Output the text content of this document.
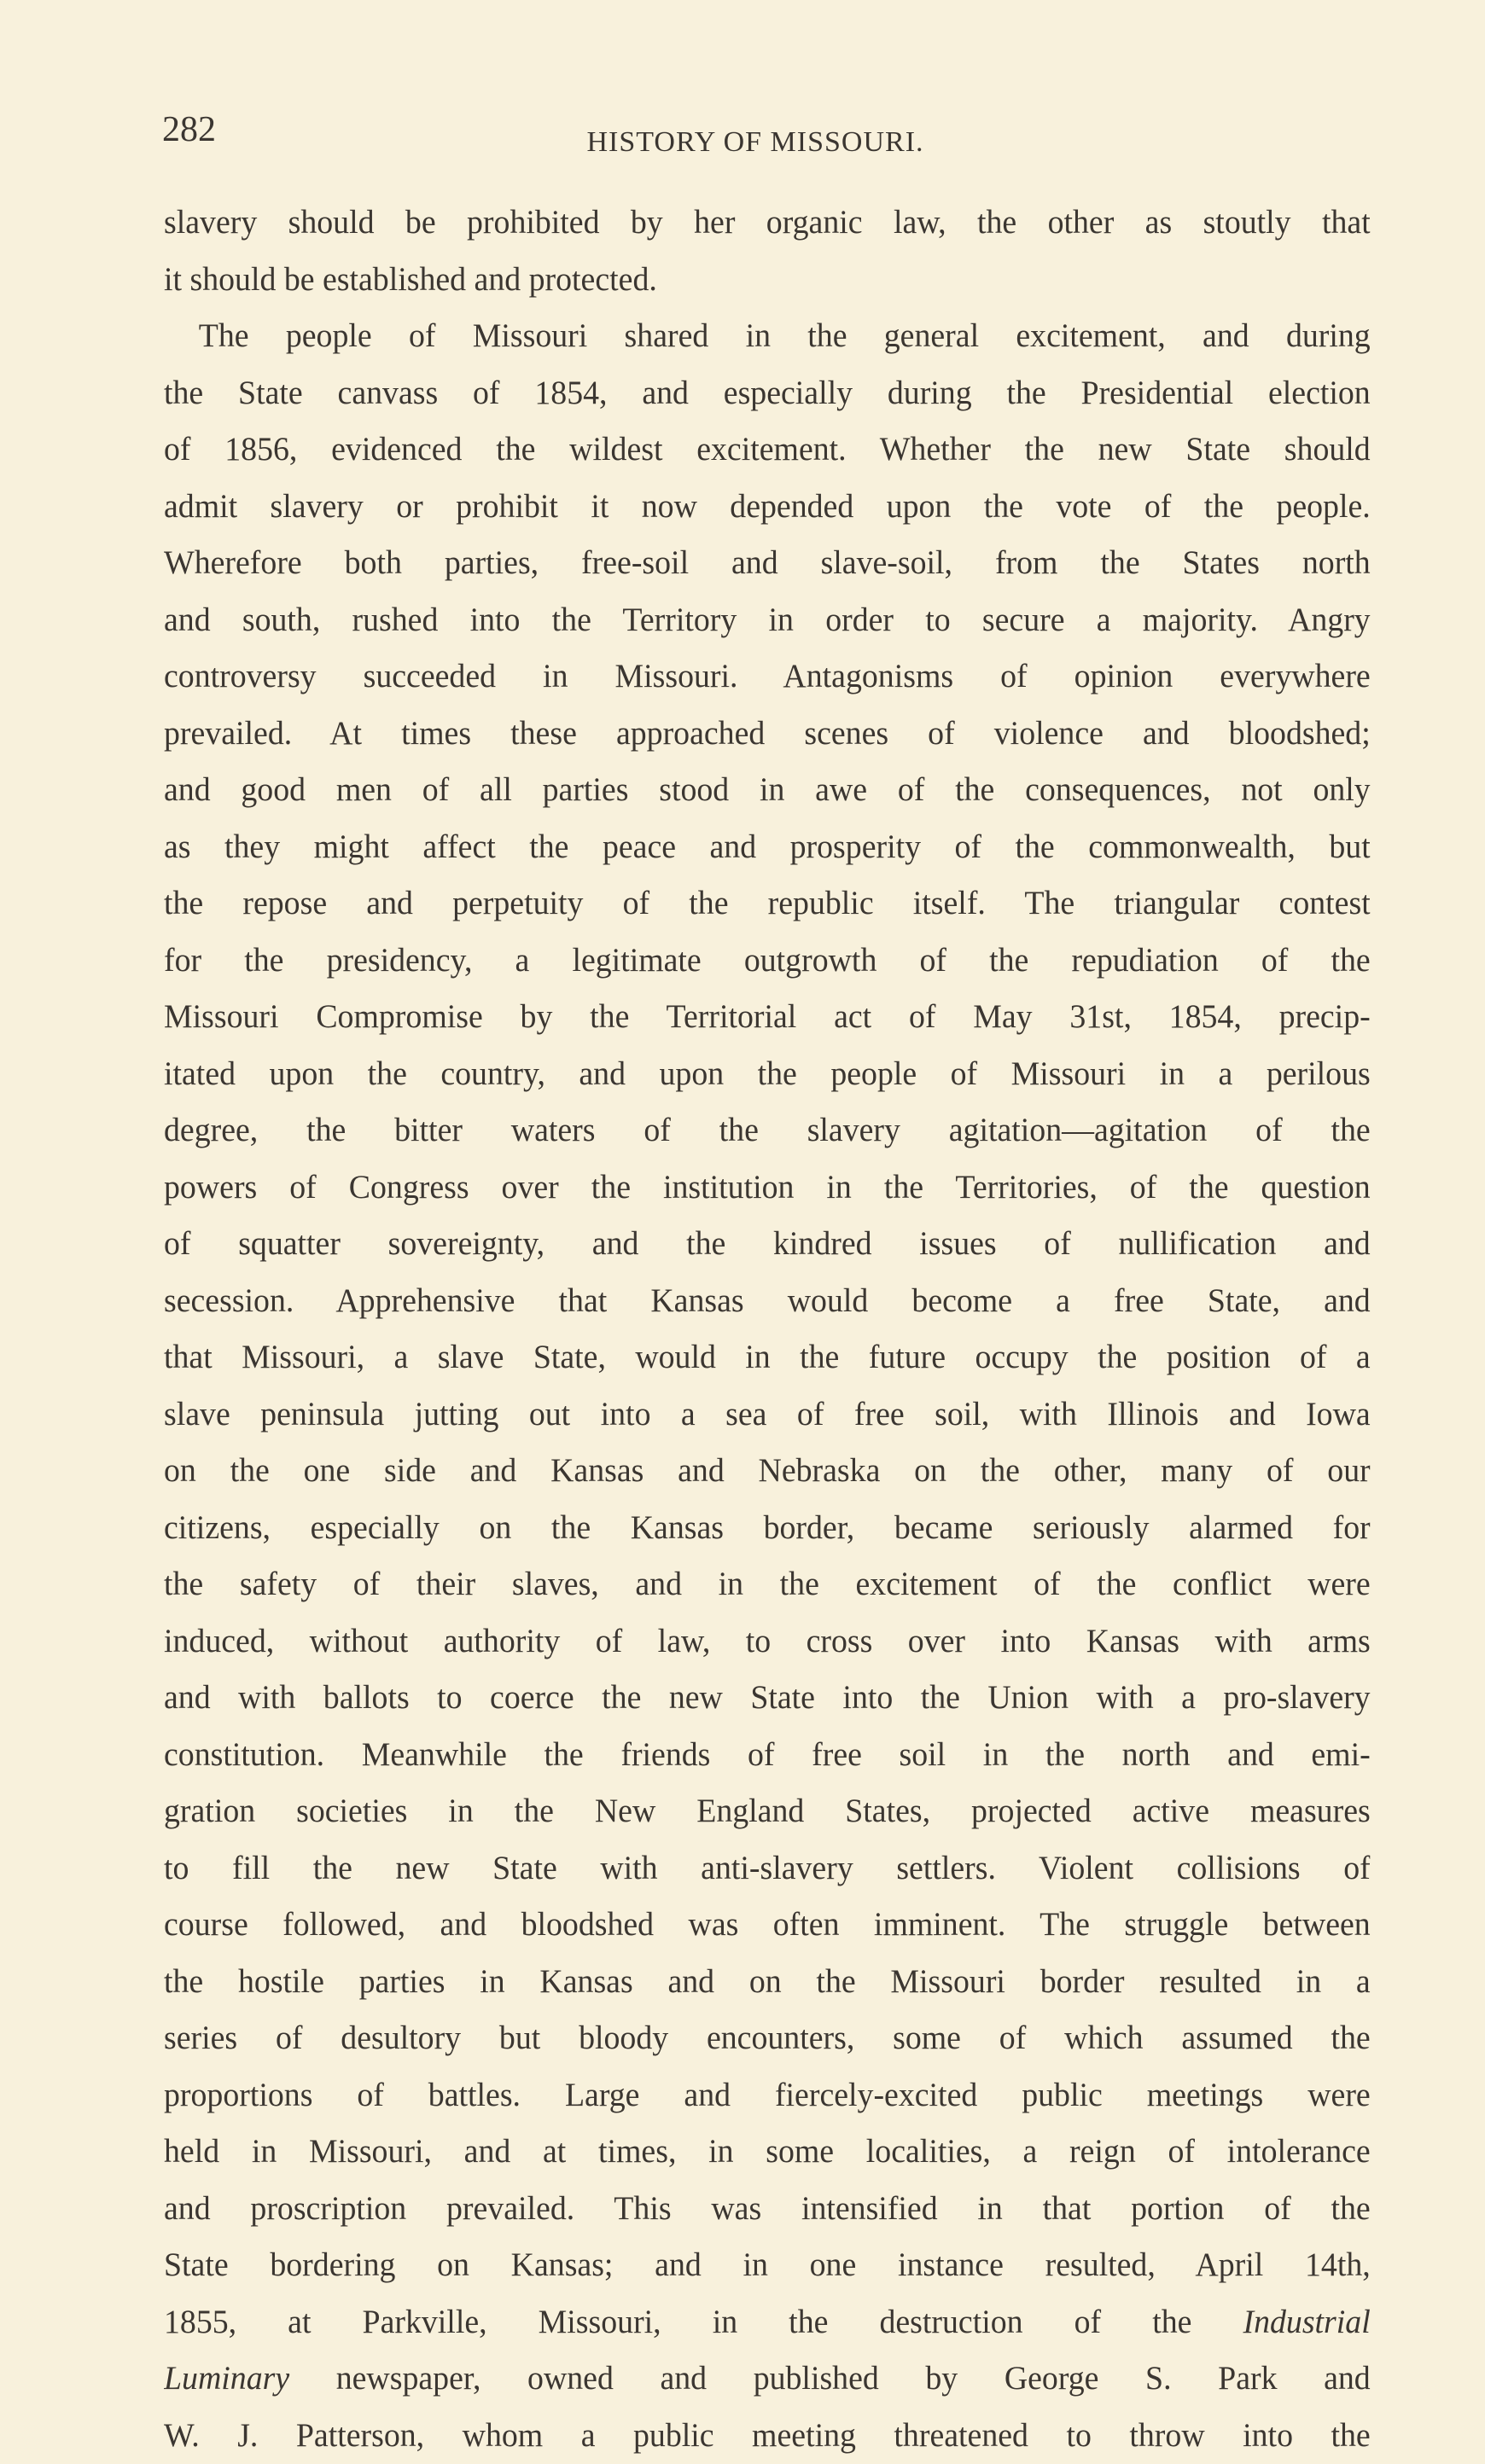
282	HISTORY OF MISSOURI.
slavery should be prohibited by her organic law, the other as stoutly that
it should be established and protected.
The people of Missouri shared in the general excitement, and during
the State canvass of 1854, and especially during the Presidential election
of 1856, evidenced the wildest excitement. Whether the new State should
admit slavery or prohibit it now depended upon the vote of the people.
Wherefore both parties, free-soil and slave-soil, from the States north
and south, rushed into the Territory in order to secure a majority. Angry
controversy succeeded in Missouri. Antagonisms of opinion everywhere
prevailed. At times these approached scenes of violence and bloodshed;
and good men of all parties stood in awe of the consequences, not only
as they might affect the peace and prosperity of the commonwealth, but
the repose and perpetuity of the republic itself. The triangular contest
for the presidency, a legitimate outgrowth of the repudiation of the
Missouri Compromise by the Territorial act of May 31st, 1854, precip-
itated upon the country, and upon the people of Missouri in a perilous
degree, the bitter waters of the slavery agitation—agitation of the
powers of Congress over the institution in the Territories, of the question
of squatter sovereignty, and the kindred issues of nullification and
secession. Apprehensive that Kansas would become a free State, and
that Missouri, a slave State, would in the future occupy the position of a
slave peninsula jutting out into a sea of free soil, with Illinois and Iowa
on the one side and Kansas and Nebraska on the other, many of our
citizens, especially on the Kansas border, became seriously alarmed for
the safety of their slaves, and in the excitement of the conflict were
induced, without authority of law, to cross over into Kansas with arms
and with ballots to coerce the new State into the Union with a pro-slavery
constitution. Meanwhile the friends of free soil in the north and emi-
gration societies in the New England States, projected active measures
to fill the new State with anti-slavery settlers. Violent collisions of
course followed, and bloodshed was often imminent. The struggle between
the hostile parties in Kansas and on the Missouri border resulted in a
series of desultory but bloody encounters, some of which assumed the
proportions of battles. Large and fiercely-excited public meetings were
held in Missouri, and at times, in some localities, a reign of intolerance
and proscription prevailed. This was intensified in that portion of the
State bordering on Kansas; and in one instance resulted, April 14th,
1855, at Parkville, Missouri, in the destruction of the Industrial
Luminary newspaper, owned and published by George S. Park and
W. J. Patterson, whom a public meeting threatened to throw into the
